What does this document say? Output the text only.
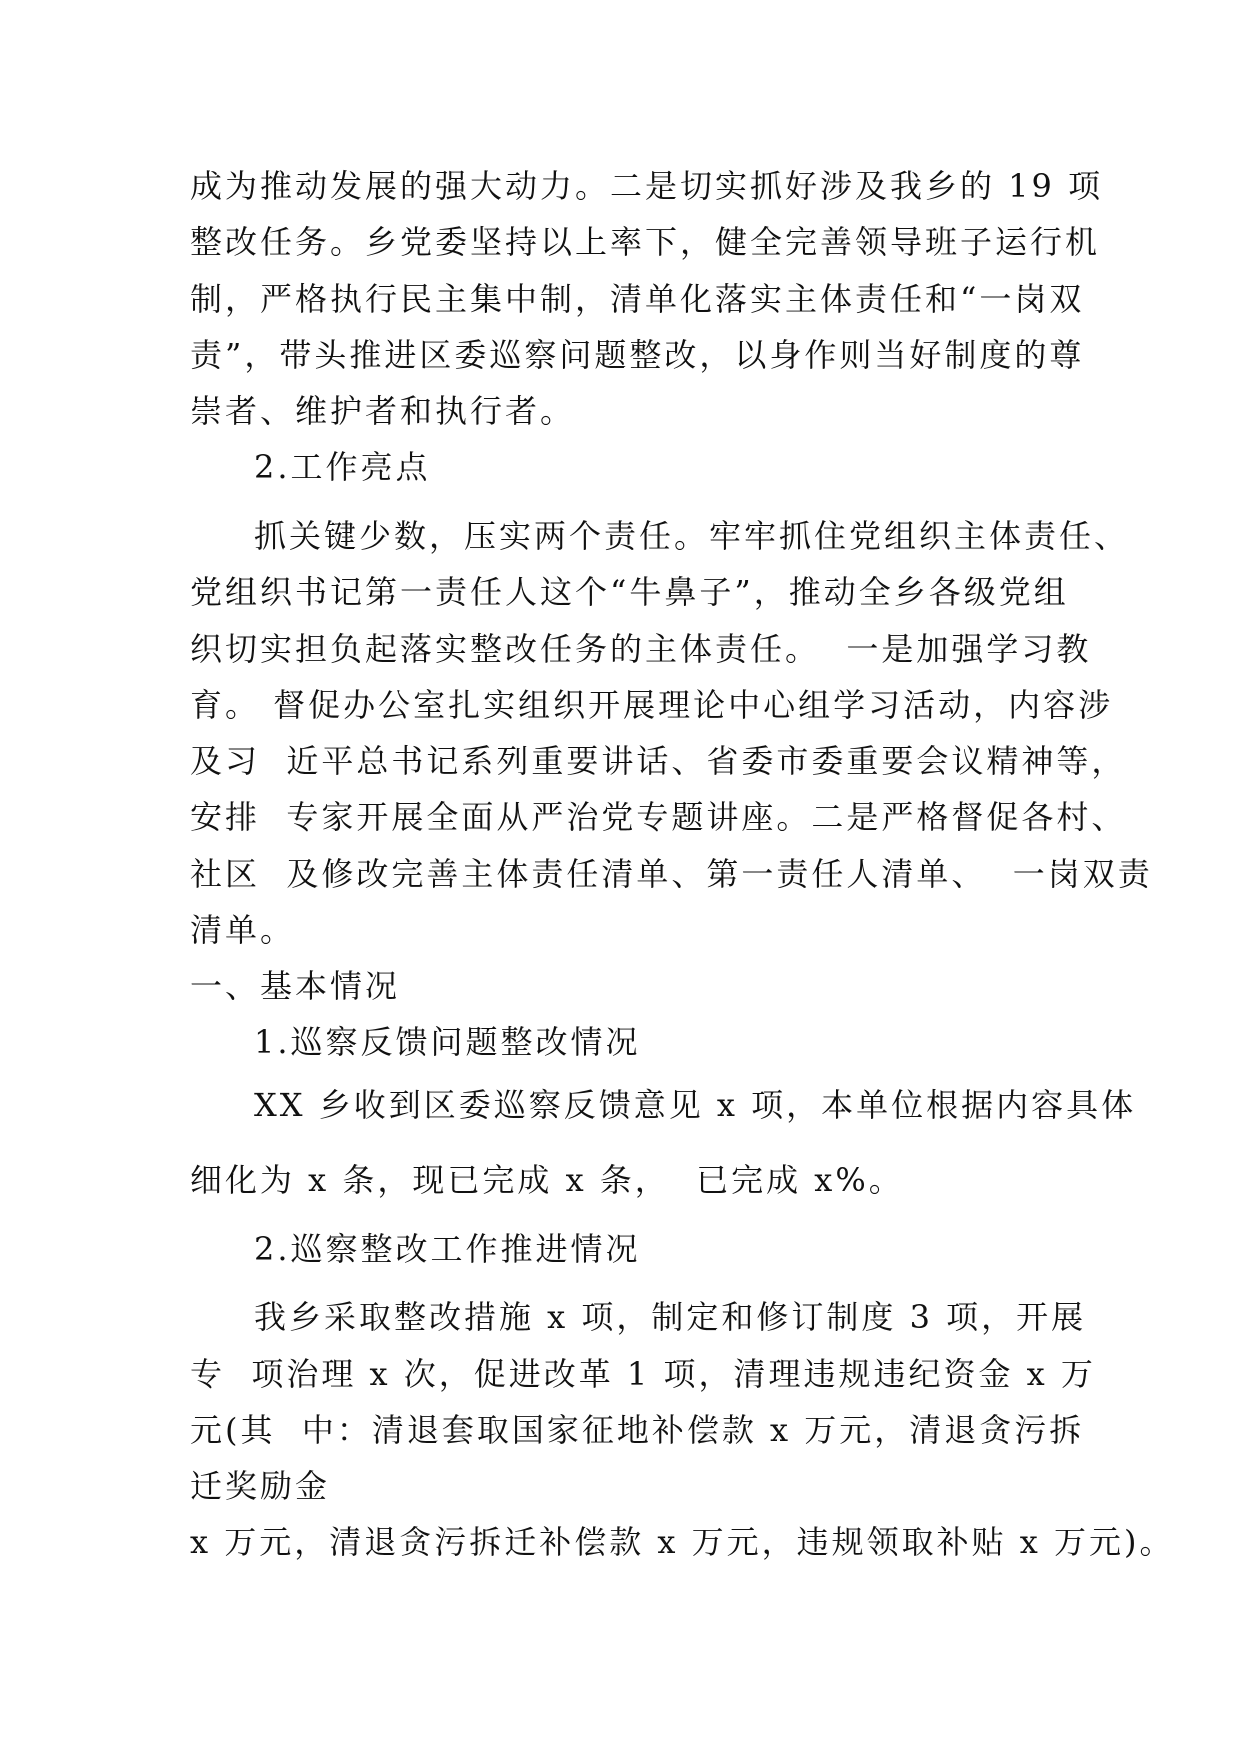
成为推动发展的强大动力。二是切实抓好涉及我乡的 19 项
整改任务。乡党委坚持以上率下，健全完善领导班子运行机
制，严格执行民主集中制，清单化落实主体责任和“一岗双
责”，带头推进区委巡察问题整改，以身作则当好制度的尊
崇者、维护者和执行者。
2.工作亮点
抓关键少数，压实两个责任。牢牢抓住党组织主体责任、
党组织书记第一责任人这个“牛鼻子”，推动全乡各级党组
织切实担负起落实整改任务的主体责任。  一是加强学习教
育。 督促办公室扎实组织开展理论中心组学习活动，内容涉
及习  近平总书记系列重要讲话、省委市委重要会议精神等，
安排  专家开展全面从严治党专题讲座。二是严格督促各村、
社区  及修改完善主体责任清单、第一责任人清单、  一岗双责
清单。
一、基本情况
1.巡察反馈问题整改情况
XX 乡收到区委巡察反馈意见 x 项，本单位根据内容具体
细化为 x 条，现已完成 x 条，  已完成 x%。
2.巡察整改工作推进情况
我乡采取整改措施 x 项，制定和修订制度 3 项，开展
专  项治理 x 次，促进改革 1 项，清理违规违纪资金 x 万
元(其  中：清退套取国家征地补偿款 x 万元，清退贪污拆
迁奖励金
x 万元，清退贪污拆迁补偿款 x 万元，违规领取补贴 x 万元)。
